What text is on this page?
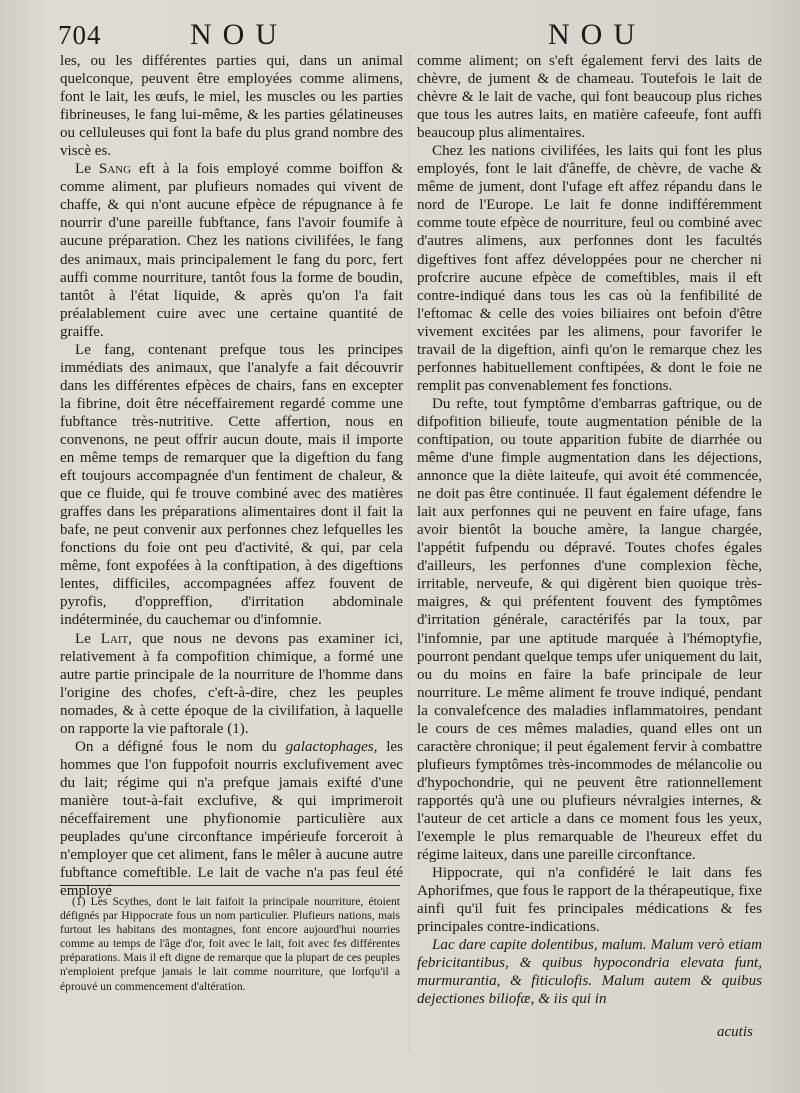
704	NOU	NOU

les, ou les différentes parties qui, dans un animal quelconque, peuvent être employées comme alimens, font le lait, les œufs, le miel, les muscles ou les parties fibrineuses, le fang lui-même, & les parties gélatineuses ou celluleuses qui font la bafe du plus grand nombre des viscè es.

Le Sang eft à la fois employé comme boiffon & comme aliment, par plufieurs nomades qui vivent de chaffe, & qui n'ont aucune efpèce de répugnance à fe nourrir d'une pareille fubftance, fans l'avoir foumife à aucune préparation. Chez les nations civilifées, le fang des animaux, mais principalement le fang du porc, fert auffi comme nourriture, tantôt fous la forme de boudin, tantôt à l'état liquide, & après qu'on l'a fait préalablement cuire avec une certaine quantité de graiffe.

Le fang, contenant prefque tous les principes immédiats des animaux, que l'analyfe a fait découvrir dans les différentes efpèces de chairs, fans en excepter la fibrine, doit être néceffairement regardé comme une fubftance très-nutritive. Cette affertion, nous en convenons, ne peut offrir aucun doute, mais il importe en même temps de remarquer que la digeftion du fang eft toujours accompagnée d'un fentiment de chaleur, & que ce fluide, qui fe trouve combiné avec des matières graffes dans les préparations alimentaires dont il fait la bafe, ne peut convenir aux perfonnes chez lefquelles les fonctions du foie ont peu d'activité, & qui, par cela même, font expofées à la conftipation, à des digeftions lentes, difficiles, accompagnées affez fouvent de pyrofis, d'oppreffion, d'irritation abdominale indéterminée, du cauchemar ou d'infomnie.

Le Lait, que nous ne devons pas examiner ici, relativement à fa compofition chimique, a formé une autre partie principale de la nourriture de l'homme dans l'origine des chofes, c'eft-à-dire, chez les peuples nomades, & à cette époque de la civilifation, à laquelle on rapporte la vie paftorale (1).

On a défigné fous le nom du galactophages, les hommes que l'on fuppofoit nourris exclufivement avec du lait; régime qui n'a prefque jamais exifté d'une manière tout-à-fait exclufive, & qui imprimeroit néceffairement une phyfionomie particulière aux peuplades qu'une circonftance impérieufe forceroit à n'employer que cet aliment, fans le mêler à aucune autre fubftance comeftible. Le lait de vache n'a pas feul été employé

(1) Les Scythes, dont le lait faifoit la principale nourriture, étoient défignés par Hippocrate fous un nom particulier. Plufieurs nations, mais furtout les habitans des montagnes, font encore aujourd'hui nourries comme au temps de l'âge d'or, foit avec le lait, foit avec fes différentes préparations. Mais il eft digne de remarque que la plupart de ces peuples n'emploient prefque jamais le lait comme nourriture, que lorfqu'il a éprouvé un commencement d'altération.

comme aliment; on s'eft également fervi des laits de chèvre, de jument & de chameau. Toutefois le lait de chèvre & le lait de vache, qui font beaucoup plus riches que tous les autres laits, en matière cafeeufe, font auffi beaucoup plus alimentaires.

Chez les nations civilifées, les laits qui font les plus employés, font le lait d'âneffe, de chèvre, de vache & même de jument, dont l'ufage eft affez répandu dans le nord de l'Europe. Le lait fe donne indifféremment comme toute efpèce de nourriture, feul ou combiné avec d'autres alimens, aux perfonnes dont les facultés digeftives font affez développées pour ne chercher ni profcrire aucune efpèce de comeftibles, mais il eft contre-indiqué dans tous les cas où la fenfibilité de l'eftomac & celle des voies biliaires ont befoin d'être vivement excitées par les alimens, pour favorifer le travail de la digeftion, ainfi qu'on le remarque chez les perfonnes habituellement conftipées, & dont le foie ne remplit pas convenablement fes fonctions.

Du refte, tout fymptôme d'embarras gaftrique, ou de difpofition bilieufe, toute augmentation pénible de la conftipation, ou toute apparition fubite de diarrhée ou même d'une fimple augmentation dans les déjections, annonce que la diète laiteufe, qui avoit été commencée, ne doit pas être continuée. Il faut également défendre le lait aux perfonnes qui ne peuvent en faire ufage, fans avoir bientôt la bouche amère, la langue chargée, l'appétit fufpendu ou dépravé. Toutes chofes égales d'ailleurs, les perfonnes d'une complexion fèche, irritable, nerveufe, & qui digèrent bien quoique très-maigres, & qui préfentent fouvent des fymptômes d'irritation générale, caractérifés par la toux, par l'infomnie, par une aptitude marquée à l'hémoptyfie, pourront pendant quelque temps ufer uniquement du lait, ou du moins en faire la bafe principale de leur nourriture. Le même aliment fe trouve indiqué, pendant la convalefcence des maladies inflammatoires, pendant le cours de ces mêmes maladies, quand elles ont un caractère chronique; il peut également fervir à combattre plufieurs fymptômes très-incommodes de mélancolie ou d'hypochondrie, qui ne peuvent être rationnellement rapportés qu'à une ou plufieurs névralgies internes, & l'auteur de cet article a dans ce moment fous les yeux, l'exemple le plus remarquable de l'heureux effet du régime laiteux, dans une pareille circonftance.

Hippocrate, qui n'a confidéré le lait dans fes Aphorifmes, que fous le rapport de la thérapeutique, fixe ainfi qu'il fuit fes principales médications & fes principales contre-indications.

Lac dare capite dolentibus, malum. Malum verò etiam febricitantibus, & quibus hypocondria elevata funt, murmurantia, & fiticulofis. Malum autem & quibus dejectiones biliofæ, & iis qui in

acutis
